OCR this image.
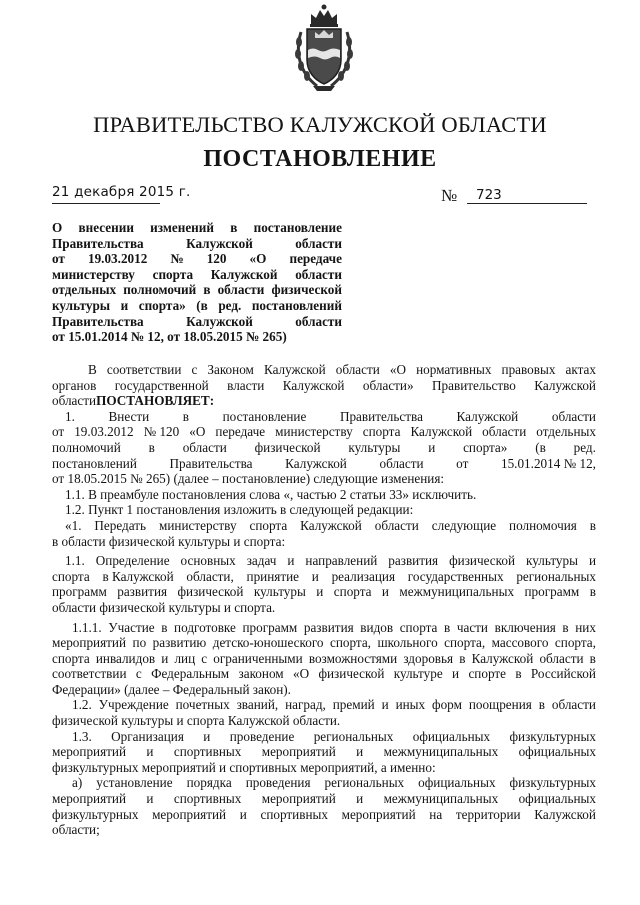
ПРАВИТЕЛЬСТВО КАЛУЖСКОЙ ОБЛАСТИ
ПОСТАНОВЛЕНИЕ
21 декабря 2015 г.	№ 723
О внесении изменений в постановление
Правительства	Калужской	области
от 19.03.2012 № 120 «О передаче
министерству спорта Калужской области
отдельных полномочий в области физической
культуры и спорта» (в ред. постановлений
Правительства	Калужской	области
от 15.01.2014 № 12, от 18.05.2015 № 265)
В соответствии с Законом Калужской области «О нормативных правовых актах
органов государственной власти Калужской области» Правительство Калужской
области ПОСТАНОВЛЯЕТ:
1.	Внести	в	постановление	Правительства	Калужской	области
от 19.03.2012 № 120 «О передаче министерству спорта Калужской области отдельных
полномочий в области физической культуры и спорта» (в ред.
постановлений Правительства Калужской области от 15.01.2014 № 12,
от 18.05.2015 № 265) (далее – постановление) следующие изменения:
1.1. В преамбуле постановления слова «, частью 2 статьи 33» исключить.
1.2. Пункт 1 постановления изложить в следующей редакции:
«1. Передать министерству спорта Калужской области следующие полномочия в
в области физической культуры и спорта:
1.1. Определение основных задач и направлений развития физической культуры и
спорта в Калужской области, принятие и реализация государственных региональных
программ развития физической культуры и спорта и межмуниципальных программ в
области физической культуры и спорта.
1.1.1. Участие в подготовке программ развития видов спорта в части включения в них
мероприятий по развитию детско-юношеского спорта, школьного спорта, массового спорта,
спорта инвалидов и лиц с ограниченными возможностями здоровья в Калужской области в
соответствии с Федеральным законом «О физической культуре и спорте в Российской
Федерации» (далее – Федеральный закон).
1.2. Учреждение почетных званий, наград, премий и иных форм поощрения в области
физической культуры и спорта Калужской области.
1.3. Организация и проведение региональных официальных физкультурных
мероприятий и спортивных мероприятий и межмуниципальных официальных
физкультурных мероприятий и спортивных мероприятий, а именно:
а) установление порядка проведения региональных официальных физкультурных
мероприятий и спортивных мероприятий и межмуниципальных официальных
физкультурных мероприятий и спортивных мероприятий на территории Калужской
области;
